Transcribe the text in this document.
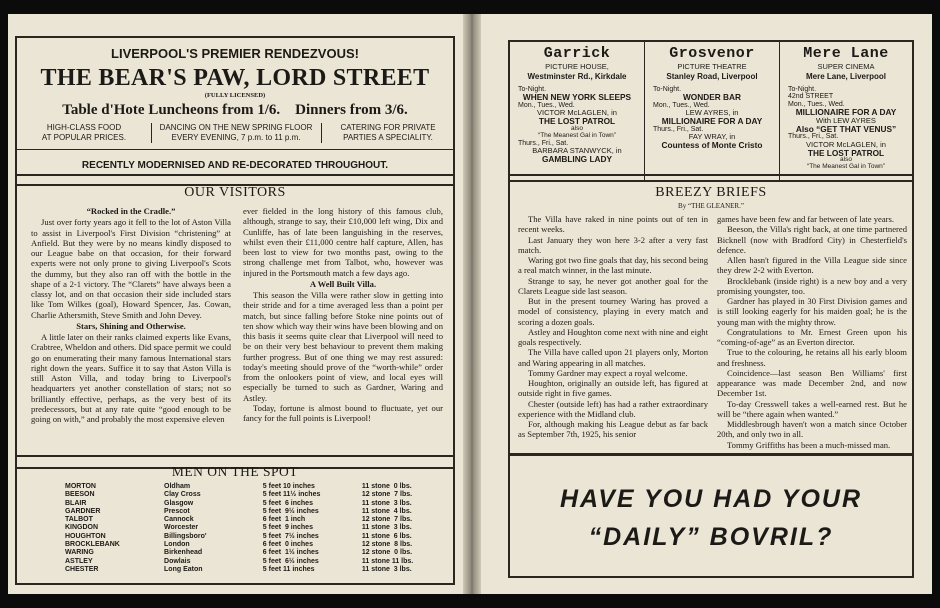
LIVERPOOL'S PREMIER RENDEZVOUS!
THE BEAR'S PAW, LORD STREET
(FULLY LICENSED)
Table d'Hote Luncheons from 1/6.    Dinners from 3/6.
HIGH-CLASS FOOD
AT POPULAR PRICES.
DANCING ON THE NEW SPRING FLOOR
EVERY EVENING, 7 p.m. to 11 p.m.
CATERING FOR PRIVATE
PARTIES A SPECIALITY.
RECENTLY MODERNISED AND RE-DECORATED THROUGHOUT.
OUR VISITORS

“Rocked in the Cradle.”

Just over forty years ago it fell to the lot of Aston Villa to assist in Liverpool's First Division “christening” at Anfield. But they were by no means kindly disposed to our League babe on that occasion, for their forward experts were not only prone to giving Liverpool's Scots the dummy, but they also ran off with the bottle in the shape of a 2-1 victory. The “Clarets” have always been a classy lot, and on that occasion their side included stars like Tom Wilkes (goal), Howard Spencer, Jas. Cowan, Charlie Athersmith, Steve Smith and John Devey.

Stars, Shining and Otherwise.

A little later on their ranks claimed experts like Evans, Crabtree, Wheldon and others. Did space permit we could go on enumerating their many famous International stars right down the years. Suffice it to say that Aston Villa is still Aston Villa, and today bring to Liverpool's headquarters yet another constellation of stars; not so brilliantly effective, perhaps, as the very best of its predecessors, but at any rate quite “good enough to be going on with,” and probably the most expensive eleven

ever fielded in the long history of this famous club, although, strange to say, their £10,000 left wing, Dix and Cunliffe, has of late been languishing in the reserves, whilst even their £11,000 centre half capture, Allen, has been lost to view for two months past, owing to the strong challenge met from Talbot, who, however was injured in the Portsmouth match a few days ago.

A Well Built Villa.

This season the Villa were rather slow in getting into their stride and for a time averaged less than a point per match, but since falling before Stoke nine points out of ten show which way their wins have been blowing and on this basis it seems quite clear that Liverpool will need to be on their very best behaviour to prevent them making further progress. But of one thing we may rest assured: today's meeting should prove of the “worth-while” order from the onlookers point of view, and local eyes will especially be turned to such as Gardner, Waring and Astley.

Today, fortune is almost bound to fluctuate, yet our fancy for the full points is Liverpool!

MEN ON THE SPOT
MORTON	Oldham	5 feet 10 inches	11 stone  0 lbs.
BEESON	Clay Cross	5 feet 11½ inches	12 stone  7 lbs.
BLAIR	Glasgow	5 feet  6 inches	11 stone  3 lbs.
GARDNER	Prescot	5 feet  9½ inches	11 stone  4 lbs.
TALBOT	Cannock	6 feet  1 inch	12 stone  7 lbs.
KINGDON	Worcester	5 feet  9 inches	11 stone  3 lbs.
HOUGHTON	Billingsboro'	5 feet  7½ inches	11 stone  6 lbs.
BROCKLEBANK	London	6 feet  0 inches	12 stone  8 lbs.
WARING	Birkenhead	6 feet  1½ inches	12 stone  0 lbs.
ASTLEY	Dowlais	5 feet  6½ inches	11 stone 11 lbs.
CHESTER	Long Eaton	5 feet 11 inches	11 stone  3 lbs.
Garrick
PICTURE HOUSE,
Westminster Rd., Kirkdale
To-Night.
WHEN NEW YORK SLEEPS
Mon., Tues., Wed.
VICTOR McLAGLEN, in
THE LOST PATROL
also
“The Meanest Gal in Town”
Thurs., Fri., Sat.
BARBARA STANWYCK, in
GAMBLING LADY
Grosvenor
PICTURE THEATRE
Stanley Road, Liverpool
To-Night.
WONDER BAR
Mon., Tues., Wed.
LEW AYRES, in
MILLIONAIRE FOR A DAY
Thurs., Fri., Sat.
FAY WRAY, in
Countess of Monte Cristo
Mere Lane
SUPER CINEMA
Mere Lane, Liverpool
To-Night.
42nd STREET
Mon., Tues., Wed.
MILLIONAIRE FOR A DAY
With LEW AYRES
Also “GET THAT VENUS”
Thurs., Fri., Sat.
VICTOR McLAGLEN, in
THE LOST PATROL
also
“The Meanest Gal in Town”
BREEZY BRIEFS
By “THE GLEANER.”

The Villa have raked in nine points out of ten in recent weeks.

Last January they won here 3-2 after a very fast match.

Waring got two fine goals that day, his second being a real match winner, in the last minute.

Strange to say, he never got another goal for the Clarets League side last season.

But in the present tourney Waring has proved a model of consistency, playing in every match and scoring a dozen goals.

Astley and Houghton come next with nine and eight goals respectively.

The Villa have called upon 21 players only, Morton and Waring appearing in all matches.

Tommy Gardner may expect a royal welcome.

Houghton, originally an outside left, has figured at outside right in five games.

Chester (outside left) has had a rather extraordinary experience with the Midland club.

For, although making his League debut as far back as September 7th, 1925, his senior

games have been few and far between of late years.

Beeson, the Villa's right back, at one time partnered Bicknell (now with Bradford City) in Chesterfield's defence.

Allen hasn't figured in the Villa League side since they drew 2-2 with Everton.

Brocklebank (inside right) is a new boy and a very promising youngster, too.

Gardner has played in 30 First Division games and is still looking eagerly for his maiden goal; he is the young man with the mighty throw.

Congratulations to Mr. Ernest Green upon his “coming-of-age” as an Everton director.

True to the colouring, he retains all his early bloom and freshness.

Coincidence—last season Ben Williams' first appearance was made December 2nd, and now December 1st.

To-day Cresswell takes a well-earned rest. But he will be “there again when wanted.”

Middlesbrough haven't won a match since October 20th, and only two in all.

Tommy Griffiths has been a much-missed man.

HAVE YOU HAD YOUR
“DAILY” BOVRIL?
